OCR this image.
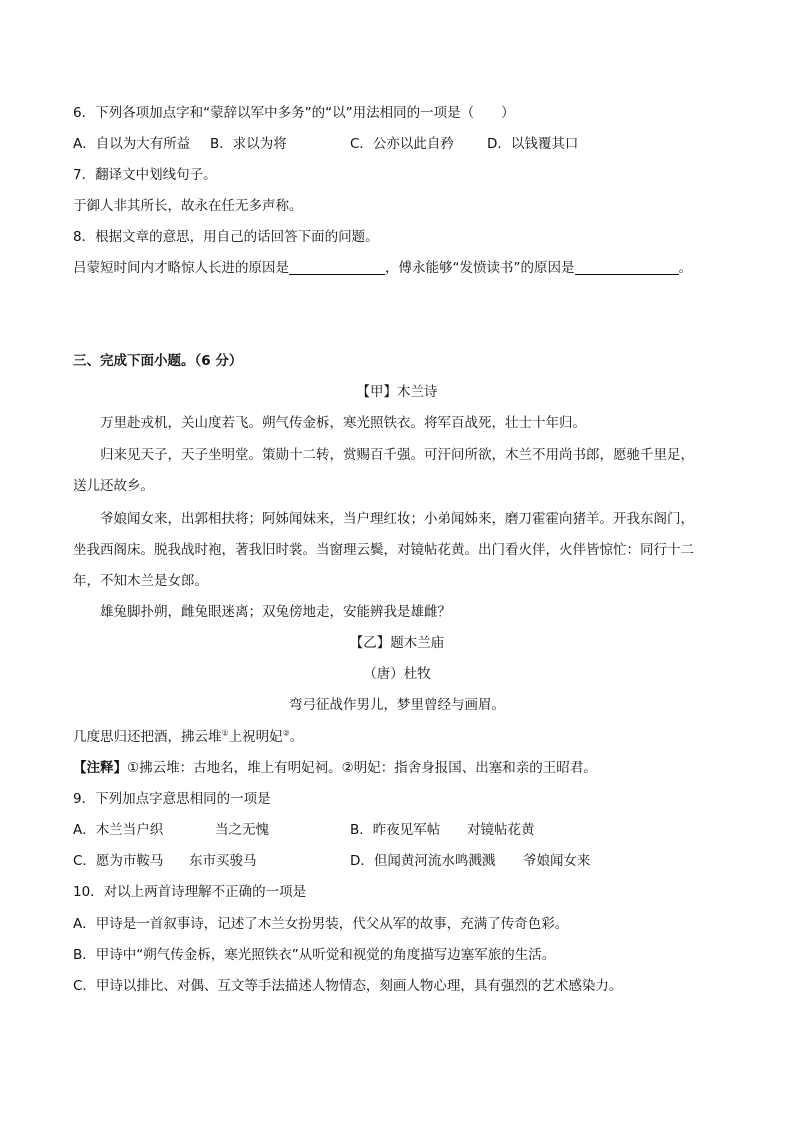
6．下列各项加点字和“蒙辞以军中多务”的“以”用法相同的一项是（　　）
A．自以为大有所益 B．求以为将	C．公亦以此自矜 D．以钱覆其口
7．翻译文中划线句子。
于御人非其所长，故永在任无多声称。
8．根据文章的意思，用自己的话回答下面的问题。
吕蒙短时间内才略惊人长进的原因是	，傅永能够“发愤读书”的原因是	。
三、完成下面小题。（6 分）
【甲】木兰诗
万里赴戎机，关山度若飞。朔气传金柝，寒光照铁衣。将军百战死，壮士十年归。
归来见天子，天子坐明堂。策勋十二转，赏赐百千强。可汗问所欲，木兰不用尚书郎，愿驰千里足，
送儿还故乡。
爷娘闻女来，出郭相扶将；阿姊闻妹来，当户理红妆；小弟闻姊来，磨刀霍霍向猪羊。开我东阁门，
坐我西阁床。脱我战时袍，著我旧时裳。当窗理云鬓，对镜帖花黄。出门看火伴，火伴皆惊忙：同行十二
年，不知木兰是女郎。
雄兔脚扑朔，雌兔眼迷离；双兔傍地走，安能辨我是雄雌？
【乙】题木兰庙
（唐）杜牧
弯弓征战作男儿，梦里曾经与画眉。
几度思归还把酒，拂云堆①上祝明妃②。
【注释】①拂云堆：古地名，堆上有明妃祠。②明妃：指舍身报国、出塞和亲的王昭君。
9．下列加点字意思相同的一项是
A．木兰当户织	当之无愧	B．昨夜见军帖 对镜帖花黄
C．愿为市鞍马 东市买骏马	D．但闻黄河流水鸣溅溅 爷娘闻女来
10．对以上两首诗理解不正确的一项是
A．甲诗是一首叙事诗，记述了木兰女扮男装，代父从军的故事，充满了传奇色彩。
B．甲诗中“朔气传金柝，寒光照铁衣”从听觉和视觉的角度描写边塞军旅的生活。
C．甲诗以排比、对偶、互文等手法描述人物情态，刻画人物心理，具有强烈的艺术感染力。
